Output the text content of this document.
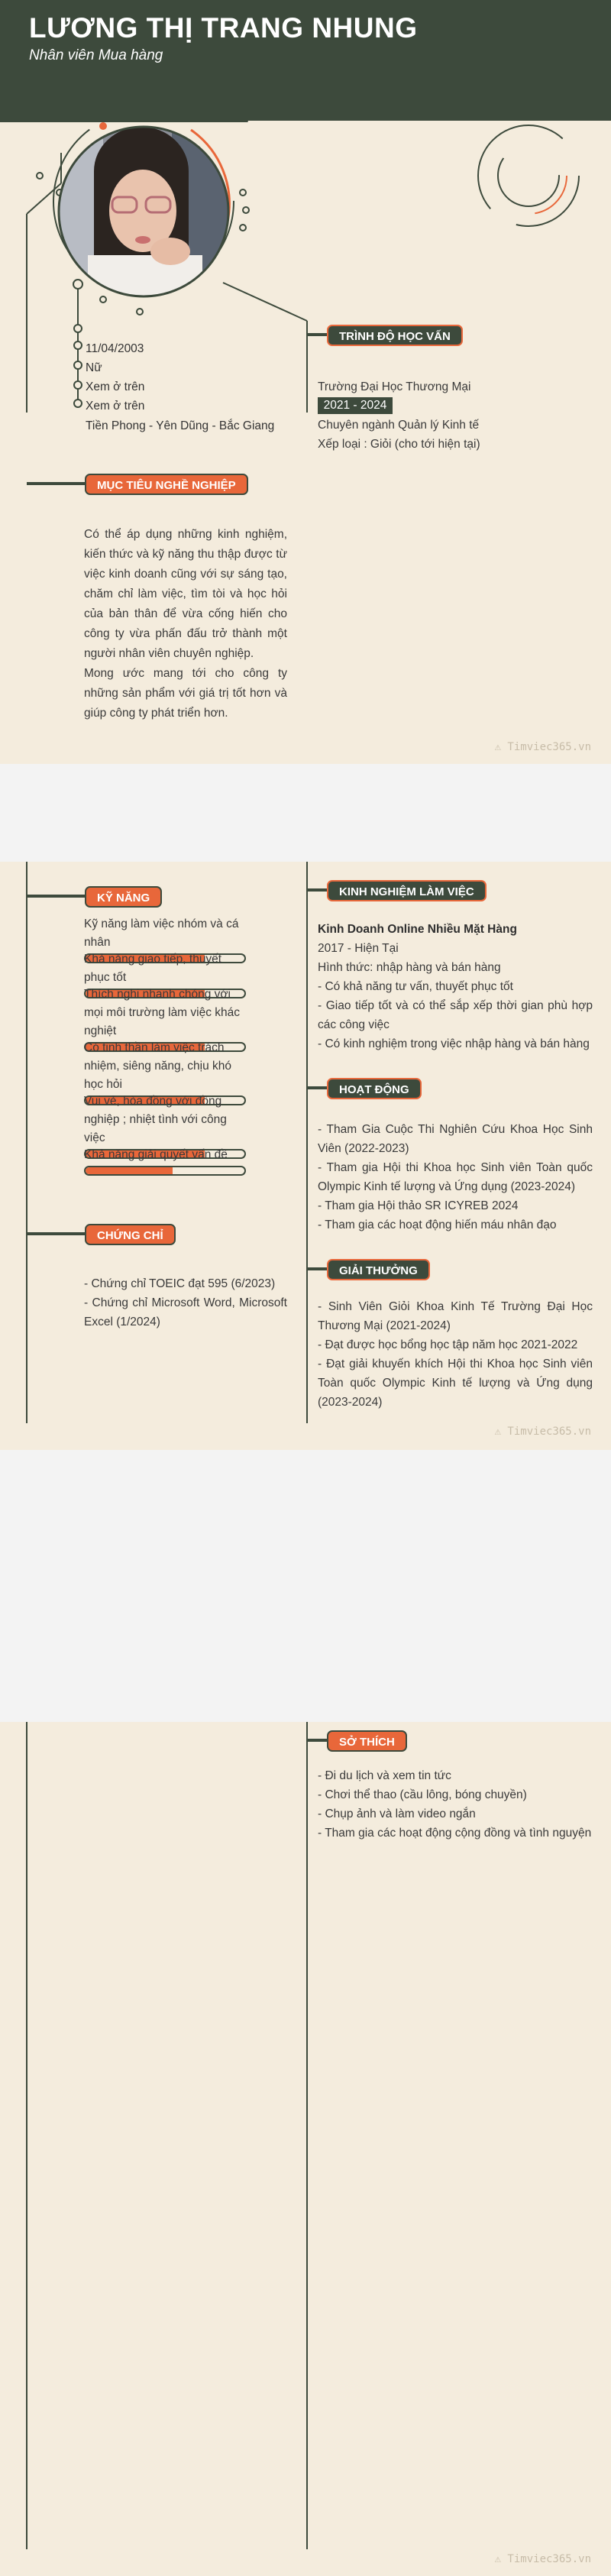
LƯƠNG THỊ TRANG NHUNG
Nhân viên Mua hàng
11/04/2003
Nữ
Xem ở trên
Xem ở trên
Tiền Phong - Yên Dũng - Bắc Giang
TRÌNH ĐỘ HỌC VẤN
Trường Đại Học Thương Mại
2021 - 2024
Chuyên ngành Quản lý Kinh tế
Xếp loại : Giỏi (cho tới hiện tại)
MỤC TIÊU NGHỀ NGHIỆP
Có thể áp dụng những kinh nghiệm, kiến thức và kỹ năng thu thập được từ việc kinh doanh cũng với sự sáng tạo, chăm chỉ làm việc, tìm tòi và học hỏi của bản thân để vừa cống hiến cho công ty vừa phấn đấu trở thành một người nhân viên chuyên nghiệp.
Mong ước mang tới cho công ty những sản phẩm với giá trị tốt hơn và giúp công ty phát triển hơn.
⚠ Timviec365.vn
KỸ NĂNG
Kỹ năng làm việc nhóm và cá nhân
Khả năng giao tiếp, thuyết phục tốt
Thích nghi nhanh chóng với mọi môi trường làm việc khác nghiệt
Có tinh thần làm việc trách nhiệm, siêng năng, chịu khó học hỏi
Vui vẻ, hòa đồng với đồng nghiệp ; nhiệt tình với công việc
Khả năng giải quyết vấn đề
CHỨNG CHỈ
- Chứng chỉ TOEIC đạt 595 (6/2023)
- Chứng chỉ Microsoft Word, Microsoft Excel (1/2024)
KINH NGHIỆM LÀM VIỆC
Kinh Doanh Online Nhiều Mặt Hàng
2017 - Hiện Tại
Hình thức: nhập hàng và bán hàng
- Có khả năng tư vấn, thuyết phục tốt
- Giao tiếp tốt và có thể sắp xếp thời gian phù hợp các công việc
- Có kinh nghiệm trong việc nhập hàng và bán hàng
HOẠT ĐỘNG
- Tham Gia Cuộc Thi Nghiên Cứu Khoa Học Sinh Viên (2022-2023)
- Tham gia Hội thi Khoa học Sinh viên Toàn quốc Olympic Kinh tế lượng và Ứng dụng (2023-2024)
- Tham gia Hội thảo SR ICYREB 2024
- Tham gia các hoạt động hiến máu nhân đạo
GIẢI THƯỞNG
- Sinh Viên Giỏi Khoa Kinh Tế Trường Đại Học Thương Mại (2021-2024)
- Đạt được học bổng học tập năm học 2021-2022
- Đạt giải khuyến khích Hội thi Khoa học Sinh viên Toàn quốc Olympic Kinh tế lượng và Ứng dụng (2023-2024)
⚠ Timviec365.vn
SỞ THÍCH
- Đi du lịch và xem tin tức
- Chơi thể thao (cầu lông, bóng chuyền)
- Chụp ảnh và làm video ngắn
- Tham gia các hoạt động cộng đồng và tình nguyện
⚠ Timviec365.vn
